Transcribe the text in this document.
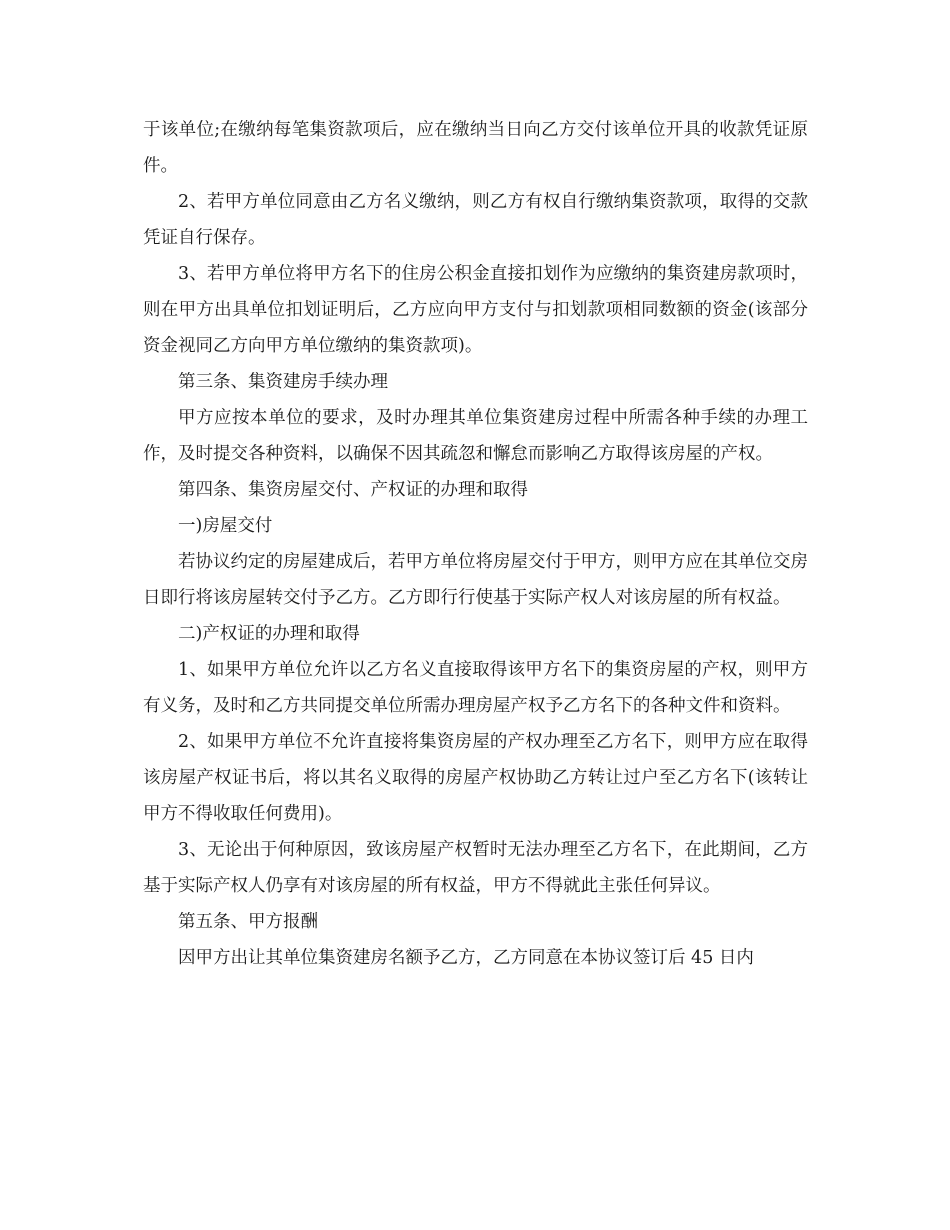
于该单位;在缴纳每笔集资款项后，应在缴纳当日向乙方交付该单位开具的收款凭证原件。

2、若甲方单位同意由乙方名义缴纳，则乙方有权自行缴纳集资款项，取得的交款凭证自行保存。

3、若甲方单位将甲方名下的住房公积金直接扣划作为应缴纳的集资建房款项时，则在甲方出具单位扣划证明后，乙方应向甲方支付与扣划款项相同数额的资金(该部分资金视同乙方向甲方单位缴纳的集资款项)。

第三条、集资建房手续办理

甲方应按本单位的要求，及时办理其单位集资建房过程中所需各种手续的办理工作，及时提交各种资料，以确保不因其疏忽和懈怠而影响乙方取得该房屋的产权。

第四条、集资房屋交付、产权证的办理和取得

一)房屋交付

若协议约定的房屋建成后，若甲方单位将房屋交付于甲方，则甲方应在其单位交房日即行将该房屋转交付予乙方。乙方即行行使基于实际产权人对该房屋的所有权益。

二)产权证的办理和取得

1、如果甲方单位允许以乙方名义直接取得该甲方名下的集资房屋的产权，则甲方有义务，及时和乙方共同提交单位所需办理房屋产权予乙方名下的各种文件和资料。

2、如果甲方单位不允许直接将集资房屋的产权办理至乙方名下，则甲方应在取得该房屋产权证书后，将以其名义取得的房屋产权协助乙方转让过户至乙方名下(该转让甲方不得收取任何费用)。

3、无论出于何种原因，致该房屋产权暂时无法办理至乙方名下，在此期间，乙方基于实际产权人仍享有对该房屋的所有权益，甲方不得就此主张任何异议。

第五条、甲方报酬

因甲方出让其单位集资建房名额予乙方，乙方同意在本协议签订后 45 日内
